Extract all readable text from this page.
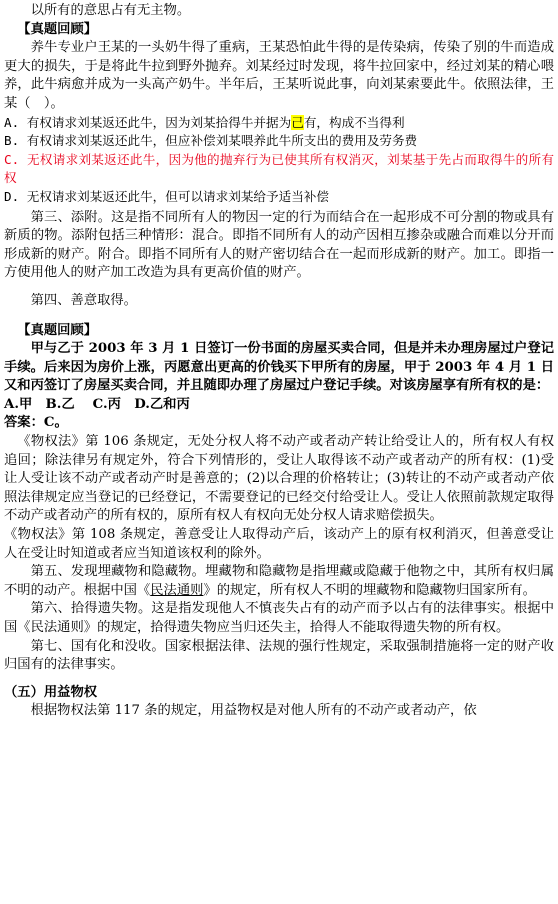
以所有的意思占有无主物。

【真题回顾】

养牛专业户王某的一头奶牛得了重病，王某恐怕此牛得的是传染病，传染了别的牛而造成更大的损失，于是将此牛拉到野外抛弃。刘某经过时发现，将牛拉回家中，经过刘某的精心喂养，此牛病愈并成为一头高产奶牛。半年后，王某听说此事，向刘某索要此牛。依照法律，王某（　）。

A. 有权请求刘某返还此牛，因为刘某拾得牛并据为己有，构成不当得利

B. 有权请求刘某返还此牛，但应补偿刘某喂养此牛所支出的费用及劳务费

C. 无权请求刘某返还此牛，因为他的抛弃行为已使其所有权消灭，刘某基于先占而取得牛的所有权

D. 无权请求刘某返还此牛，但可以请求刘某给予适当补偿

第三、添附。这是指不同所有人的物因一定的行为而结合在一起形成不可分割的物或具有新质的物。添附包括三种情形：混合。即指不同所有人的动产因相互掺杂或融合而难以分开而形成新的财产。附合。即指不同所有人的财产密切结合在一起而形成新的财产。加工。即指一方使用他人的财产加工改造为具有更高价值的财产。

第四、善意取得。

【真题回顾】

甲与乙于 2003 年 3 月 1 日签订一份书面的房屋买卖合同，但是并未办理房屋过户登记手续。后来因为房价上涨，丙愿意出更高的价钱买下甲所有的房屋，甲于 2003 年 4 月 1 日又和丙签订了房屋买卖合同，并且随即办理了房屋过户登记手续。对该房屋享有所有权的是：

A.甲　B.乙　 C.丙　D.乙和丙

答案：C。

《物权法》第 106 条规定，无处分权人将不动产或者动产转让给受让人的，所有权人有权追回；除法律另有规定外，符合下列情形的，受让人取得该不动产或者动产的所有权：(1)受让人受让该不动产或者动产时是善意的；(2)以合理的价格转让；(3)转让的不动产或者动产依照法律规定应当登记的已经登记，不需要登记的已经交付给受让人。受让人依照前款规定取得不动产或者动产的所有权的，原所有权人有权向无处分权人请求赔偿损失。

《物权法》第 108 条规定，善意受让人取得动产后，该动产上的原有权利消灭，但善意受让人在受让时知道或者应当知道该权利的除外。

第五、发现埋藏物和隐藏物。埋藏物和隐藏物是指埋藏或隐藏于他物之中，其所有权归属不明的动产。根据中国《民法通则》的规定，所有权人不明的埋藏物和隐藏物归国家所有。

第六、拾得遗失物。这是指发现他人不慎丧失占有的动产而予以占有的法律事实。根据中国《民法通则》的规定，拾得遗失物应当归还失主，拾得人不能取得遗失物的所有权。

第七、国有化和没收。国家根据法律、法规的强行性规定，采取强制措施将一定的财产收归国有的法律事实。

（五）用益物权

根据物权法第 117 条的规定，用益物权是对他人所有的不动产或者动产，依
